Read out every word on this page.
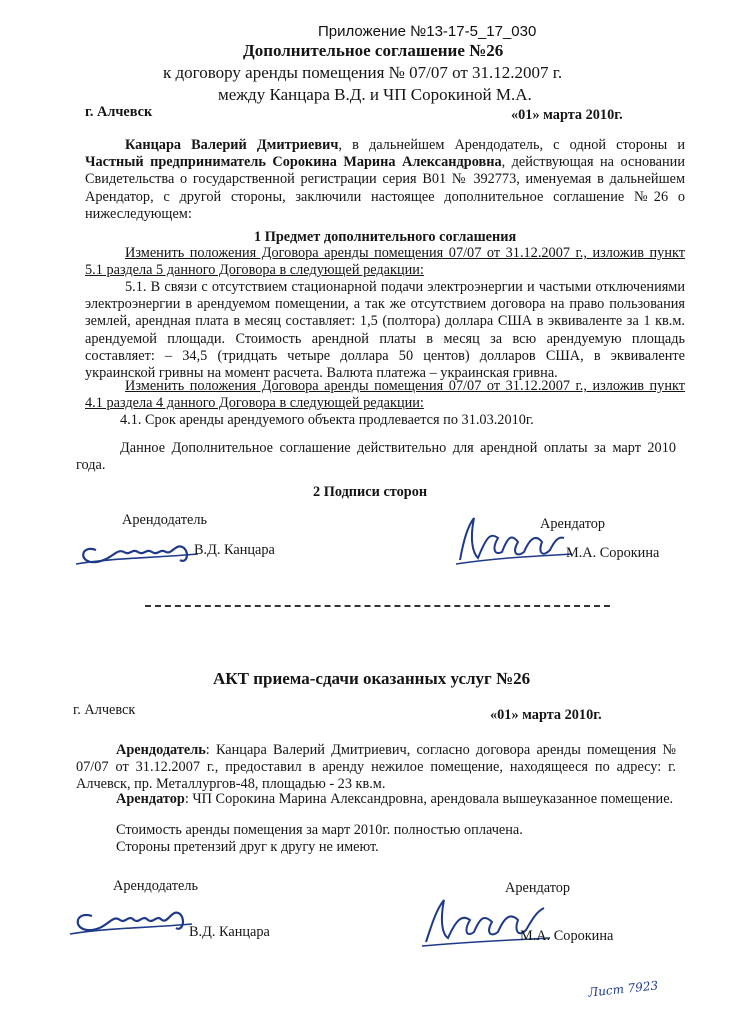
Приложение №13-17-5_17_030
Дополнительное соглашение №26
к договору аренды помещения № 07/07 от 31.12.2007 г.
между Канцара В.Д. и ЧП Сорокиной М.А.
г. Алчевск	«01» марта 2010г.

Канцара Валерий Дмитриевич, в дальнейшем Арендодатель, с одной стороны и Частный предприниматель Сорокина Марина Александровна, действующая на основании Свидетельства о государственной регистрации серия В01 № 392773, именуемая в дальнейшем Арендатор, с другой стороны, заключили настоящее дополнительное соглашение №26 о нижеследующем:

1 Предмет дополнительного соглашения
Изменить положения Договора аренды помещения 07/07 от 31.12.2007 г., изложив пункт 5.1 раздела 5 данного Договора в следующей редакции:
5.1. В связи с отсутствием стационарной подачи электроэнергии и частыми отключениями электроэнергии в арендуемом помещении, а так же отсутствием договора на право пользования землей, арендная плата в месяц составляет: 1,5 (полтора) доллара США в эквиваленте за 1 кв.м. арендуемой площади. Стоимость арендной платы в месяц за всю арендуемую площадь составляет: – 34,5 (тридцать четыре доллара 50 центов) долларов США, в эквиваленте украинской гривны на момент расчета. Валюта платежа – украинская гривна.
Изменить положения Договора аренды помещения 07/07 от 31.12.2007 г., изложив пункт 4.1 раздела 4 данного Договора в следующей редакции:
4.1. Срок аренды арендуемого объекта продлевается по 31.03.2010г.
Данное Дополнительное соглашение действительно для арендной оплаты за март 2010 года.
2 Подписи сторон
Арендодатель
В.Д. Канцара
Арендатор
М.А. Сорокина
АКТ приема-сдачи оказанных услуг №26
г. Алчевск	«01» марта 2010г.

Арендодатель: Канцара Валерий Дмитриевич, согласно договора аренды помещения № 07/07 от 31.12.2007 г., предоставил в аренду нежилое помещение, находящееся по адресу: г. Алчевск, пр. Металлургов-48, площадью - 23 кв.м.

Арендатор: ЧП Сорокина Марина Александровна, арендовала вышеуказанное помещение.

Стоимость аренды помещения за март 2010г. полностью оплачена.
Стороны претензий друг к другу не имеют.
Арендодатель
В.Д. Канцара
Арендатор
М.А. Сорокина
Лист 7923
